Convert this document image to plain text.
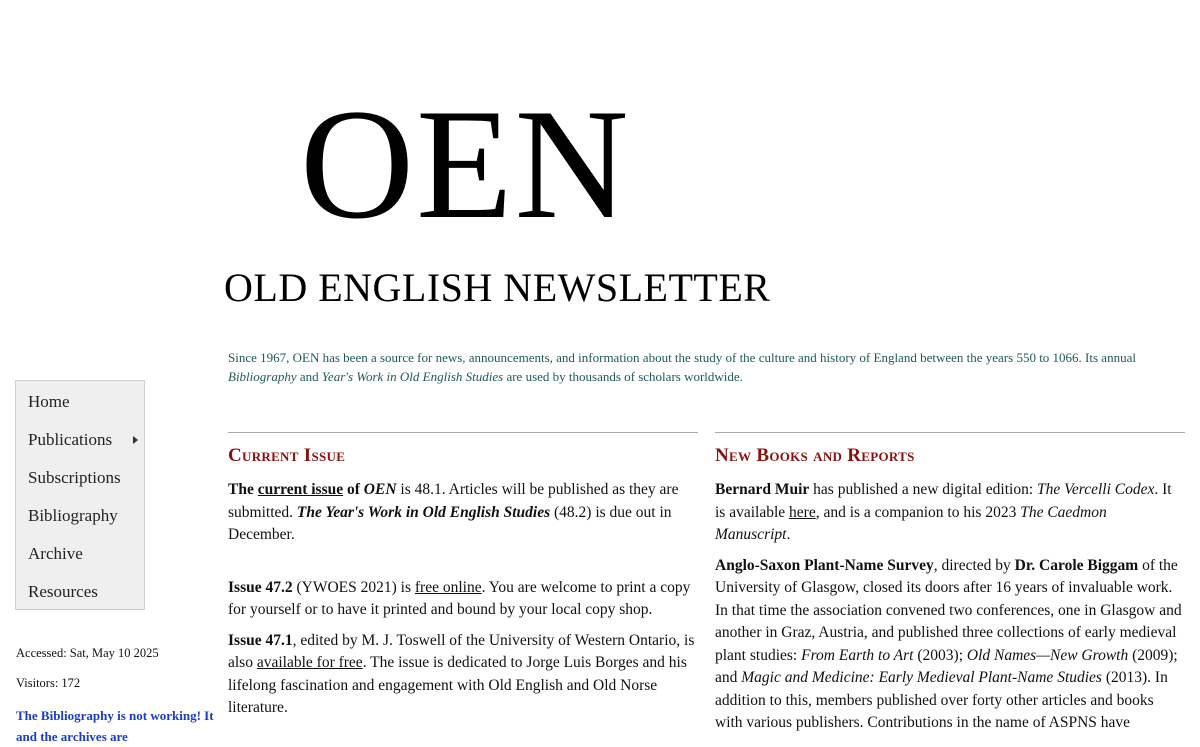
OEN
OLD ENGLISH NEWSLETTER
Since 1967, OEN has been a source for news, announcements, and information about the study of the culture and history of England between the years 550 to 1066. Its annual Bibliography and Year's Work in Old English Studies are used by thousands of scholars worldwide.
Home
Publications
Subscriptions
Bibliography
Archive
Resources
Accessed: Sat, May 10 2025
Visitors: 172
The Bibliography is not working! It and the archives are
Current Issue

The current issue of OEN is 48.1. Articles will be published as they are submitted. The Year's Work in Old English Studies (48.2) is due out in December.

Issue 47.2 (YWOES 2021) is free online. You are welcome to print a copy for yourself or to have it printed and bound by your local copy shop.

Issue 47.1, edited by M. J. Toswell of the University of Western Ontario, is also available for free. The issue is dedicated to Jorge Luis Borges and his lifelong fascination and engagement with Old English and Old Norse literature.

New Books and Reports

Bernard Muir has published a new digital edition: The Vercelli Codex. It is available here, and is a companion to his 2023 The Caedmon Manuscript.

Anglo-Saxon Plant-Name Survey, directed by Dr. Carole Biggam of the University of Glasgow, closed its doors after 16 years of invaluable work. In that time the association convened two conferences, one in Glasgow and another in Graz, Austria, and published three collections of early medieval plant studies: From Earth to Art (2003); Old Names—New Growth (2009); and Magic and Medicine: Early Medieval Plant-Name Studies (2013). In addition to this, members published over forty other articles and books with various publishers. Contributions in the name of ASPNS have
